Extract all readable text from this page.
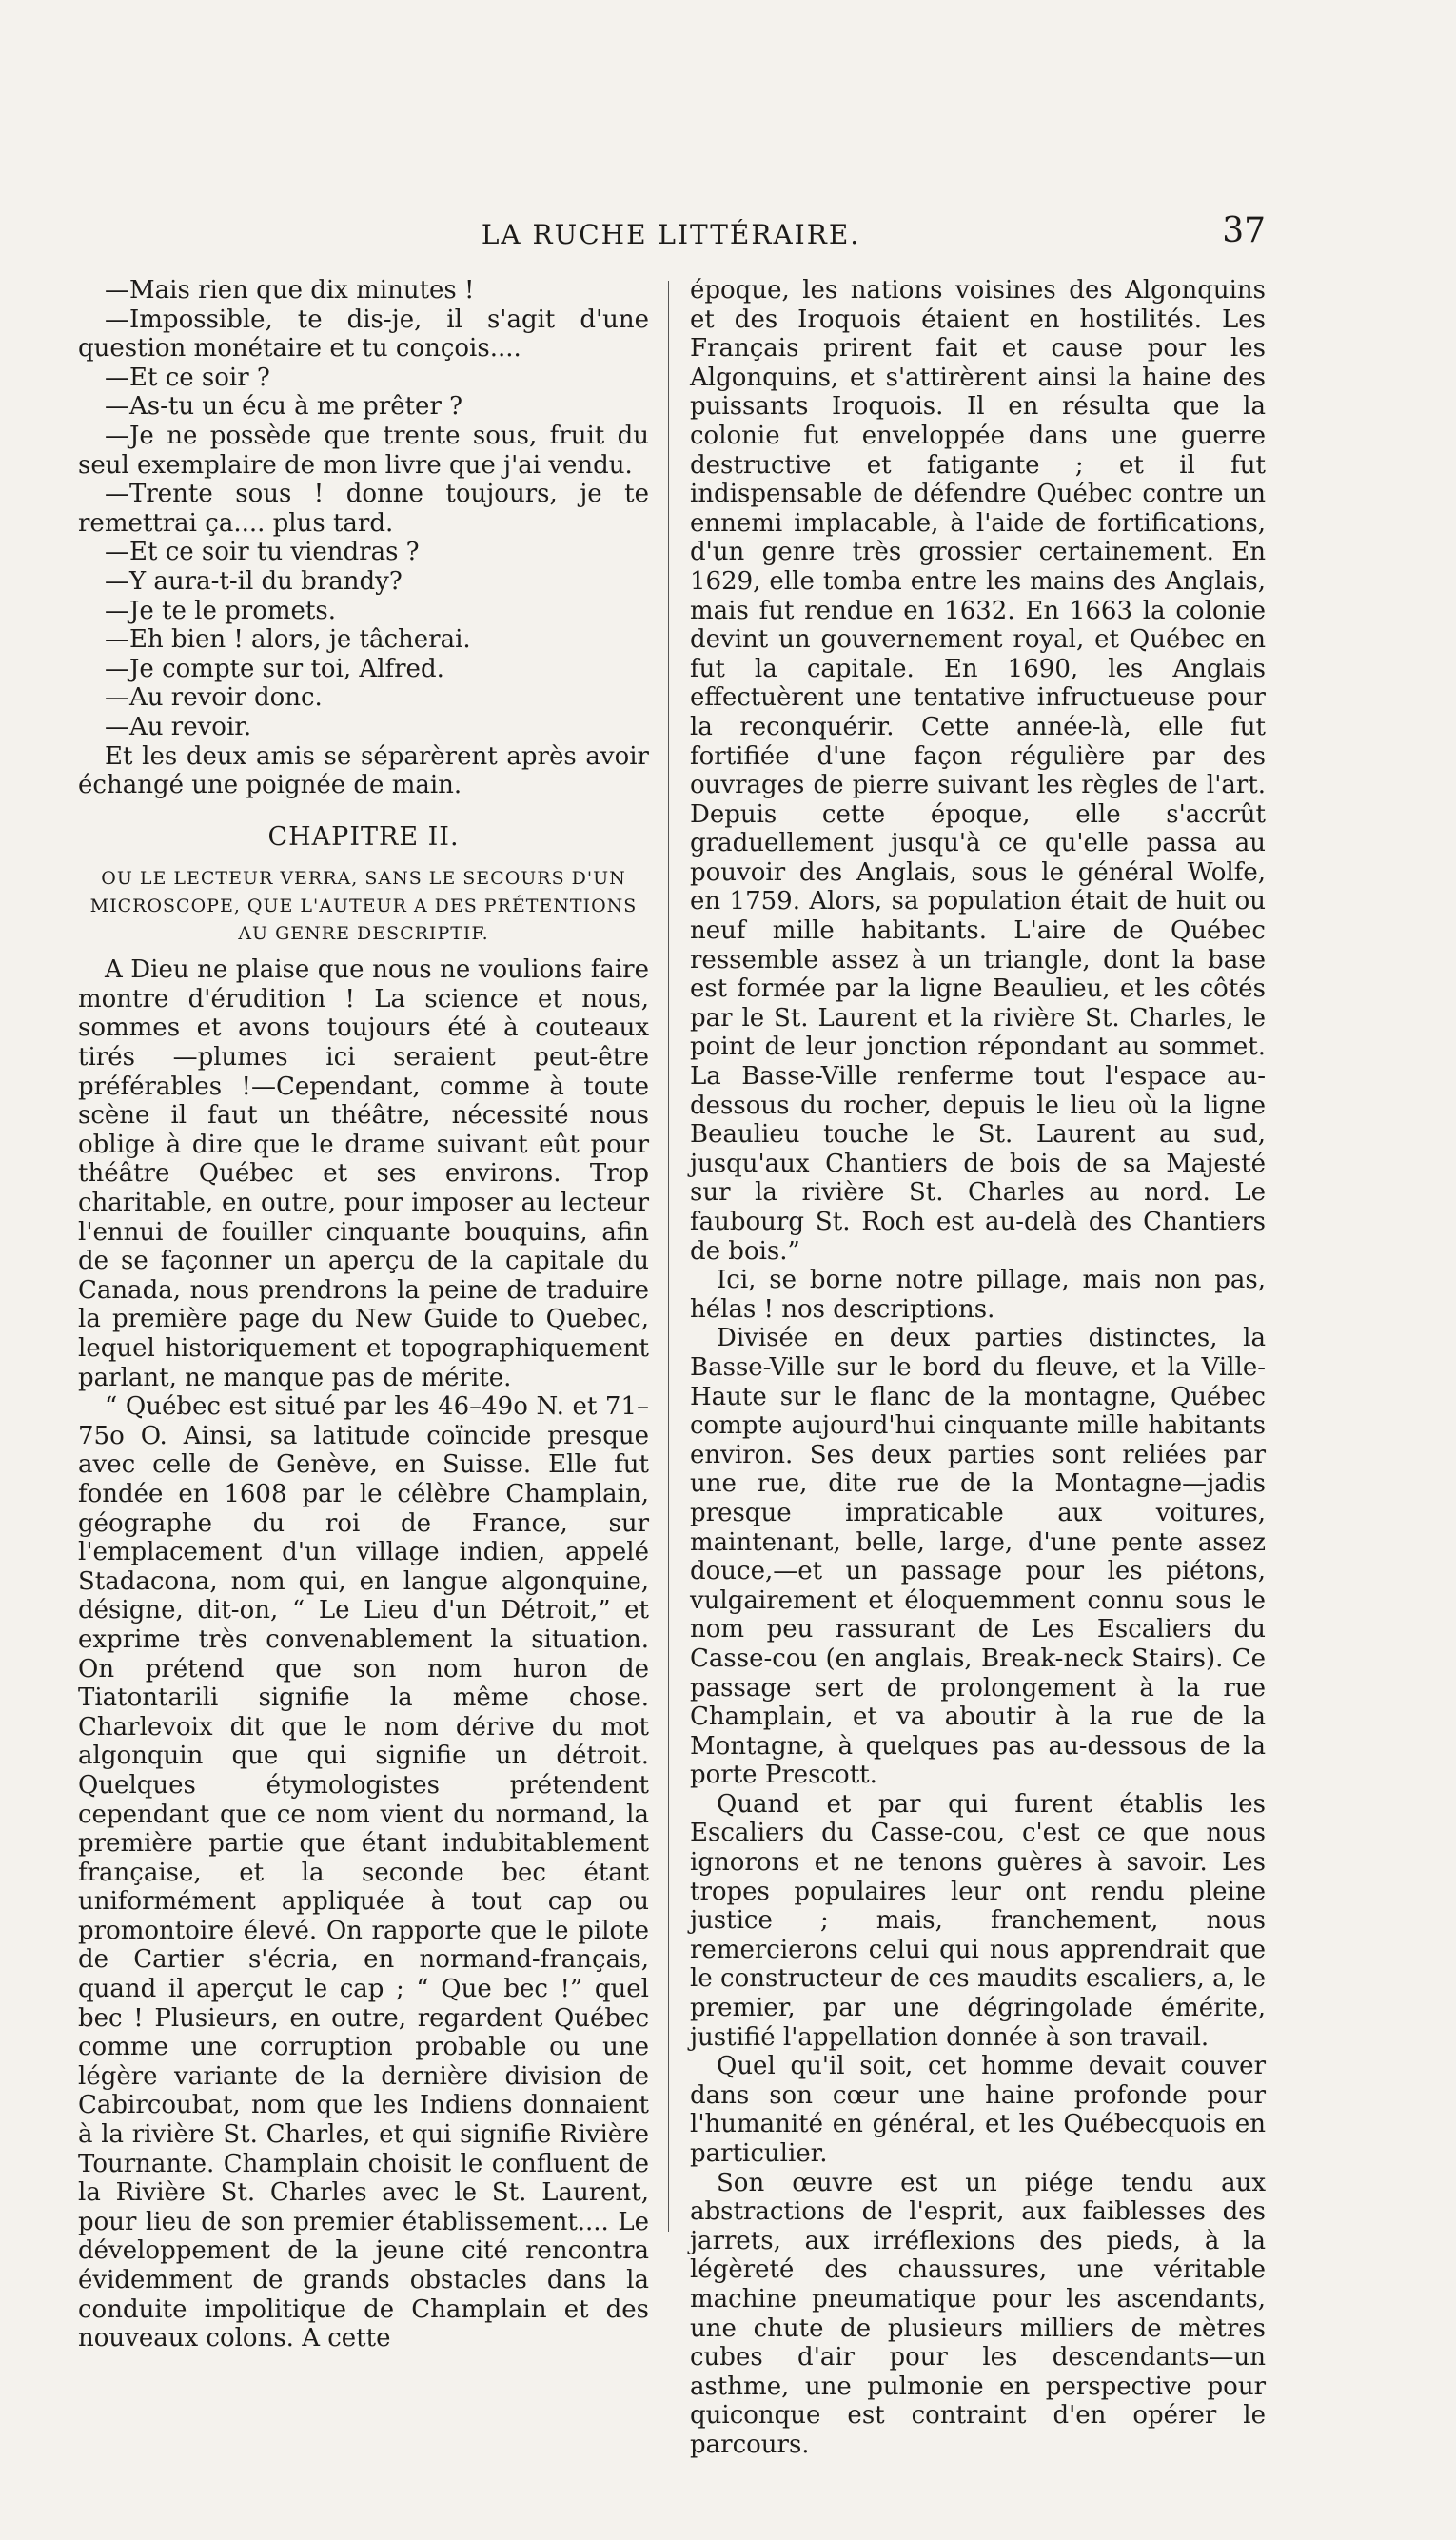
LA RUCHE LITTÉRAIRE.	37

—Mais rien que dix minutes !

—Impossible, te dis-je, il s'agit d'une question monétaire et tu conçois....

—Et ce soir ?

—As-tu un écu à me prêter ?

—Je ne possède que trente sous, fruit du seul exemplaire de mon livre que j'ai vendu.

—Trente sous ! donne toujours, je te remettrai ça.... plus tard.

—Et ce soir tu viendras ?

—Y aura-t-il du brandy?

—Je te le promets.

—Eh bien ! alors, je tâcherai.

—Je compte sur toi, Alfred.

—Au revoir donc.

—Au revoir.

Et les deux amis se séparèrent après avoir échangé une poignée de main.

CHAPITRE II.

OU LE LECTEUR VERRA, SANS LE SECOURS D'UN MICROSCOPE, QUE L'AUTEUR A DES PRÉTENTIONS AU GENRE DESCRIPTIF.

A Dieu ne plaise que nous ne voulions faire montre d'érudition ! La science et nous, sommes et avons toujours été à couteaux tirés —plumes ici seraient peut-être préférables !—Cependant, comme à toute scène il faut un théâtre, nécessité nous oblige à dire que le drame suivant eût pour théâtre Québec et ses environs. Trop charitable, en outre, pour imposer au lecteur l'ennui de fouiller cinquante bouquins, afin de se façonner un aperçu de la capitale du Canada, nous prendrons la peine de traduire la première page du New Guide to Quebec, lequel historiquement et topographiquement parlant, ne manque pas de mérite.

“ Québec est situé par les 46–49o N. et 71–75o O. Ainsi, sa latitude coïncide presque avec celle de Genève, en Suisse. Elle fut fondée en 1608 par le célèbre Champlain, géographe du roi de France, sur l'emplacement d'un village indien, appelé Stadacona, nom qui, en langue algonquine, désigne, dit-on, “ Le Lieu d'un Détroit,” et exprime très convenablement la situation. On prétend que son nom huron de Tiatontarili signifie la même chose. Charlevoix dit que le nom dérive du mot algonquin que qui signifie un détroit. Quelques étymologistes prétendent cependant que ce nom vient du normand, la première partie que étant indubitablement française, et la seconde bec étant uniformément appliquée à tout cap ou promontoire élevé. On rapporte que le pilote de Cartier s'écria, en normand-français, quand il aperçut le cap ; “ Que bec !” quel bec ! Plusieurs, en outre, regardent Québec comme une corruption probable ou une légère variante de la dernière division de Cabircoubat, nom que les Indiens donnaient à la rivière St. Charles, et qui signifie Rivière Tournante. Champlain choisit le confluent de la Rivière St. Charles avec le St. Laurent, pour lieu de son premier établissement.... Le développement de la jeune cité rencontra évidemment de grands obstacles dans la conduite impolitique de Champlain et des nouveaux colons. A cette

époque, les nations voisines des Algonquins et des Iroquois étaient en hostilités. Les Français prirent fait et cause pour les Algonquins, et s'attirèrent ainsi la haine des puissants Iroquois. Il en résulta que la colonie fut enveloppée dans une guerre destructive et fatigante ; et il fut indispensable de défendre Québec contre un ennemi implacable, à l'aide de fortifications, d'un genre très grossier certainement. En 1629, elle tomba entre les mains des Anglais, mais fut rendue en 1632. En 1663 la colonie devint un gouvernement royal, et Québec en fut la capitale. En 1690, les Anglais effectuèrent une tentative infructueuse pour la reconquérir. Cette année-là, elle fut fortifiée d'une façon régulière par des ouvrages de pierre suivant les règles de l'art. Depuis cette époque, elle s'accrût graduellement jusqu'à ce qu'elle passa au pouvoir des Anglais, sous le général Wolfe, en 1759. Alors, sa population était de huit ou neuf mille habitants. L'aire de Québec ressemble assez à un triangle, dont la base est formée par la ligne Beaulieu, et les côtés par le St. Laurent et la rivière St. Charles, le point de leur jonction répondant au sommet. La Basse-Ville renferme tout l'espace au-dessous du rocher, depuis le lieu où la ligne Beaulieu touche le St. Laurent au sud, jusqu'aux Chantiers de bois de sa Majesté sur la rivière St. Charles au nord. Le faubourg St. Roch est au-delà des Chantiers de bois.”

Ici, se borne notre pillage, mais non pas, hélas ! nos descriptions.

Divisée en deux parties distinctes, la Basse-Ville sur le bord du fleuve, et la Ville-Haute sur le flanc de la montagne, Québec compte aujourd'hui cinquante mille habitants environ. Ses deux parties sont reliées par une rue, dite rue de la Montagne—jadis presque impraticable aux voitures, maintenant, belle, large, d'une pente assez douce,—et un passage pour les piétons, vulgairement et éloquemment connu sous le nom peu rassurant de Les Escaliers du Casse-cou (en anglais, Break-neck Stairs). Ce passage sert de prolongement à la rue Champlain, et va aboutir à la rue de la Montagne, à quelques pas au-dessous de la porte Prescott.

Quand et par qui furent établis les Escaliers du Casse-cou, c'est ce que nous ignorons et ne tenons guères à savoir. Les tropes populaires leur ont rendu pleine justice ; mais, franchement, nous remercierons celui qui nous apprendrait que le constructeur de ces maudits escaliers, a, le premier, par une dégringolade émérite, justifié l'appellation donnée à son travail.

Quel qu'il soit, cet homme devait couver dans son cœur une haine profonde pour l'humanité en général, et les Québecquois en particulier.

Son œuvre est un piége tendu aux abstractions de l'esprit, aux faiblesses des jarrets, aux irréflexions des pieds, à la légèreté des chaussures, une véritable machine pneumatique pour les ascendants, une chute de plusieurs milliers de mètres cubes d'air pour les descendants—un asthme, une pulmonie en perspective pour quiconque est contraint d'en opérer le parcours.
